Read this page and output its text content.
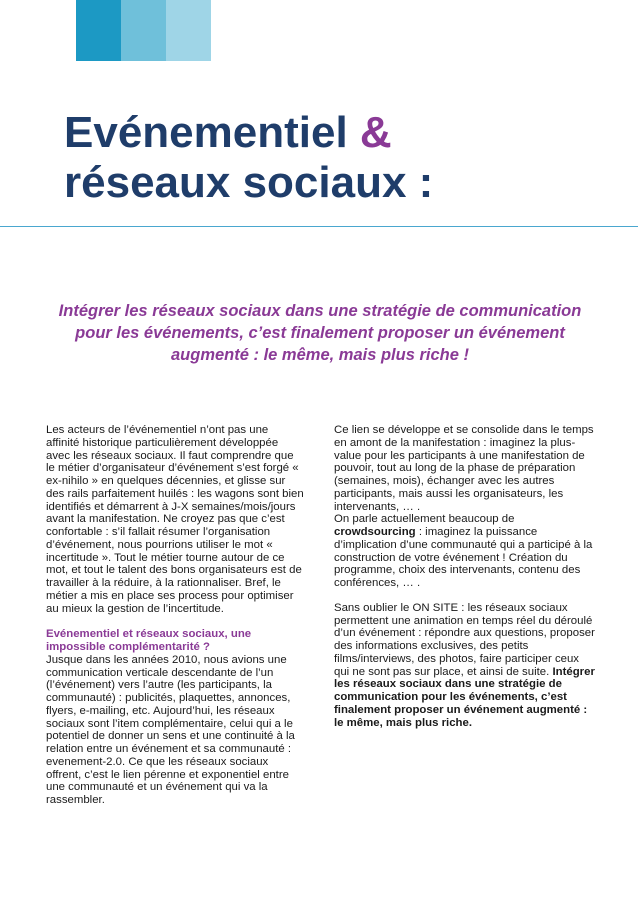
Evénementiel &
réseaux sociaux :

Intégrer les réseaux sociaux dans une stratégie de communication pour les événements, c’est finalement proposer un événement augmenté : le même, mais plus riche !

Les acteurs de l’événementiel n’ont pas une affinité historique particulièrement développée avec les réseaux sociaux. Il faut comprendre que le métier d’organisateur d’événement s’est forgé « ex-nihilo » en quelques décennies, et glisse sur des rails parfaitement huilés : les wagons sont bien identifiés et démarrent à J-X semaines/mois/jours avant la manifestation. Ne croyez pas que c’est confortable : s’il fallait résumer l’organisation d’événement, nous pourrions utiliser le mot « incertitude ». Tout le métier tourne autour de ce mot, et tout le talent des bons organisateurs est de travailler à la réduire, à la rationnaliser. Bref, le métier a mis en place ses process pour optimiser au mieux la gestion de l’incertitude.

Evénementiel et réseaux sociaux, une impossible complémentarité ?

Jusque dans les années 2010, nous avions une communication verticale descendante de l’un (l’événement) vers l’autre (les participants, la communauté) : publicités, plaquettes, annonces, flyers, e-mailing, etc. Aujourd’hui, les réseaux sociaux sont l’item complémentaire, celui qui a le potentiel de donner un sens et une continuité à la relation entre un événement et sa communauté : evenement-2.0. Ce que les réseaux sociaux offrent, c’est le lien pérenne et exponentiel entre une communauté et un événement qui va la rassembler.

Ce lien se développe et se consolide dans le temps en amont de la manifestation : imaginez la plus-value pour les participants à une manifestation de pouvoir, tout au long de la phase de préparation (semaines, mois), échanger avec les autres participants, mais aussi les organisateurs, les intervenants, … .

On parle actuellement beaucoup de crowdsourcing : imaginez la puissance d’implication d’une communauté qui a participé à la construction de votre événement ! Création du programme, choix des intervenants, contenu des conférences, … .

Sans oublier le ON SITE : les réseaux sociaux permettent une animation en temps réel du déroulé d’un événement : répondre aux questions, proposer des informations exclusives, des petits films/interviews, des photos, faire participer ceux qui ne sont pas sur place, et ainsi de suite. Intégrer les réseaux sociaux dans une stratégie de communication pour les événements, c’est finalement proposer un événement augmenté : le même, mais plus riche.
